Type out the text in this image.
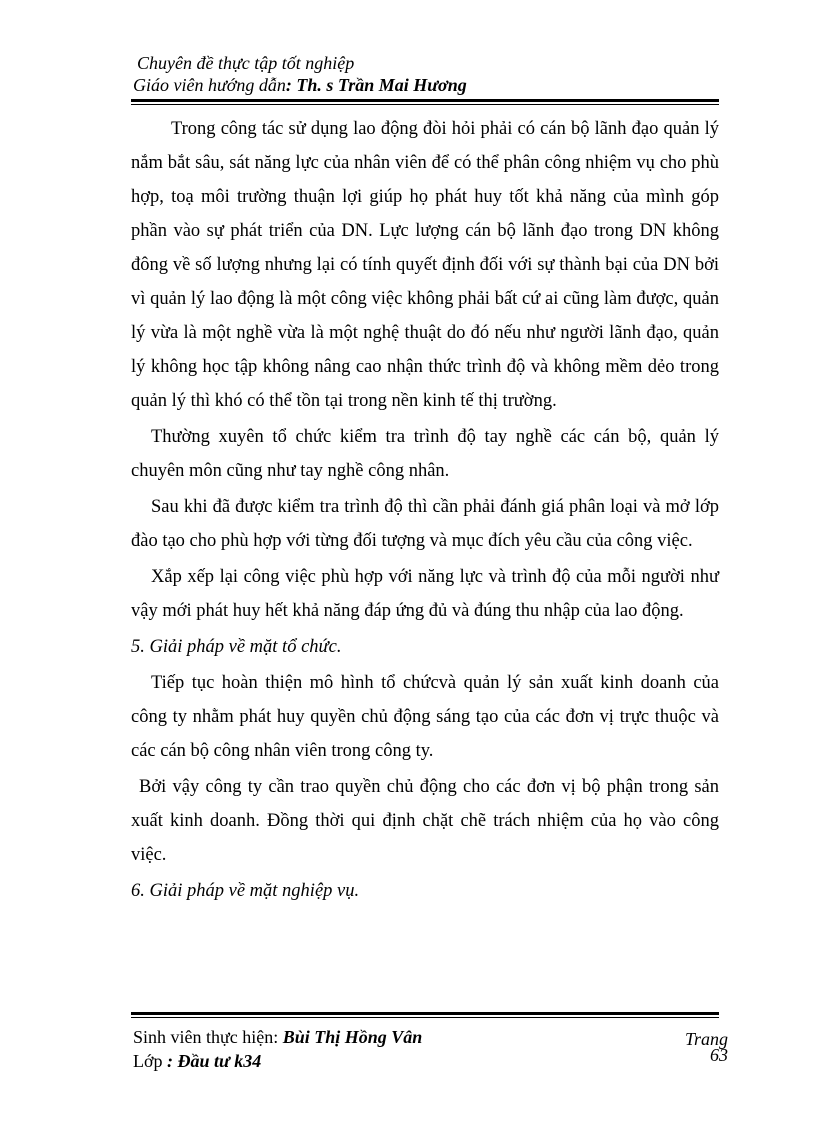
Chuyên đề thực tập tốt nghiệp
Giáo viên hướng dẫn: Th. s Trần Mai Hương

Trong công tác sử dụng lao động đòi hỏi phải có cán bộ lãnh đạo quản lý nắm bắt sâu, sát năng lực của nhân viên để có thể phân công nhiệm vụ cho phù hợp, toạ môi trường thuận lợi giúp họ phát huy tốt khả năng của mình góp phần vào sự phát triển của DN. Lực lượng cán bộ lãnh đạo trong DN không đông về số lượng nhưng lại có tính quyết định đối với sự thành bại của DN bởi vì quản lý lao động là một công việc không phải bất cứ ai cũng làm được, quản lý vừa là một nghề vừa là một nghệ thuật do đó nếu như người lãnh đạo, quản lý không học tập không nâng cao nhận thức trình độ và không mềm dẻo trong quản lý thì khó có thể tồn tại trong nền kinh tế thị trường.

Thường xuyên tổ chức kiểm tra trình độ tay nghề các cán bộ, quản lý chuyên môn cũng như tay nghề công nhân.

Sau khi đã được kiểm tra trình độ thì cần phải đánh giá phân loại và mở lớp đào tạo cho phù hợp với từng đối tượng và mục đích yêu cầu của công việc.

Xắp xếp lại công việc phù hợp với năng lực và trình độ của mỗi người như vậy mới phát huy hết khả năng đáp ứng đủ và đúng thu nhập của lao động.

5. Giải pháp về mặt tổ chức.

Tiếp tục hoàn thiện mô hình tổ chứcvà quản lý sản xuất kinh doanh của công ty nhằm phát huy quyền chủ động sáng tạo của các đơn vị trực thuộc và các cán bộ công nhân viên trong công ty.

Bởi vậy công ty cần trao quyền chủ động cho các đơn vị bộ phận trong sản xuất kinh doanh. Đồng thời qui định chặt chẽ trách nhiệm của họ vào công việc.

6. Giải pháp về mặt nghiệp vụ.

Sinh viên thực hiện: Bùi Thị Hồng Vân
Lớp : Đầu tư k34
Trang
63
